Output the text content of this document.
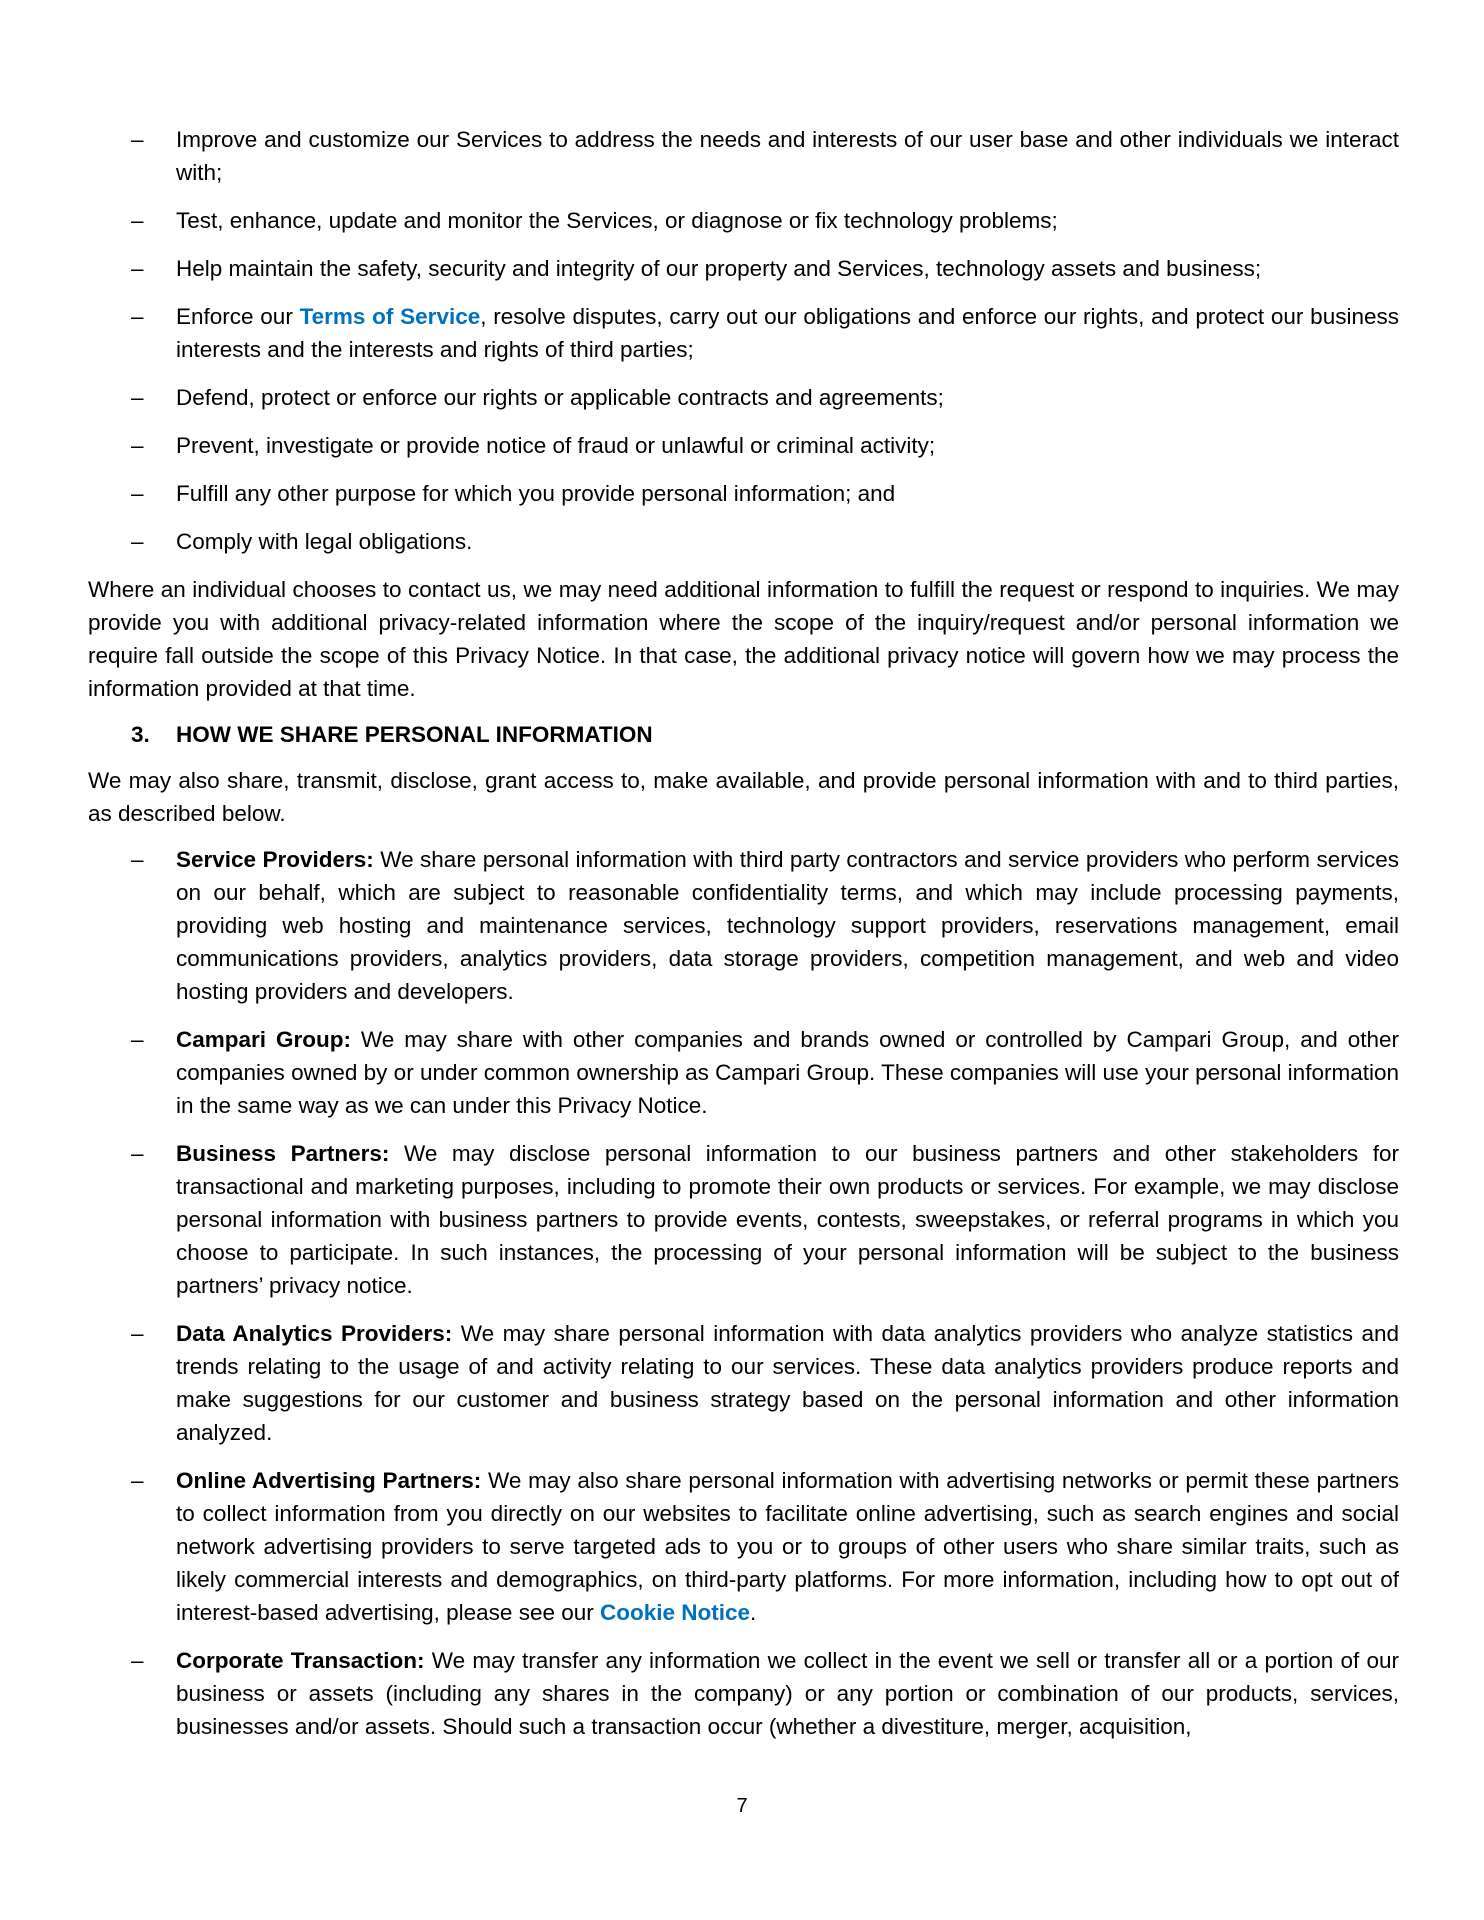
– Improve and customize our Services to address the needs and interests of our user base and other individuals we interact with;
– Test, enhance, update and monitor the Services, or diagnose or fix technology problems;
– Help maintain the safety, security and integrity of our property and Services, technology assets and business;
– Enforce our Terms of Service, resolve disputes, carry out our obligations and enforce our rights, and protect our business interests and the interests and rights of third parties;
– Defend, protect or enforce our rights or applicable contracts and agreements;
– Prevent, investigate or provide notice of fraud or unlawful or criminal activity;
– Fulfill any other purpose for which you provide personal information; and
– Comply with legal obligations.

Where an individual chooses to contact us, we may need additional information to fulfill the request or respond to inquiries. We may provide you with additional privacy-related information where the scope of the inquiry/request and/or personal information we require fall outside the scope of this Privacy Notice. In that case, the additional privacy notice will govern how we may process the information provided at that time.

3. HOW WE SHARE PERSONAL INFORMATION

We may also share, transmit, disclose, grant access to, make available, and provide personal information with and to third parties, as described below.

– Service Providers: We share personal information with third party contractors and service providers who perform services on our behalf, which are subject to reasonable confidentiality terms, and which may include processing payments, providing web hosting and maintenance services, technology support providers, reservations management, email communications providers, analytics providers, data storage providers, competition management, and web and video hosting providers and developers.
– Campari Group: We may share with other companies and brands owned or controlled by Campari Group, and other companies owned by or under common ownership as Campari Group. These companies will use your personal information in the same way as we can under this Privacy Notice.
– Business Partners: We may disclose personal information to our business partners and other stakeholders for transactional and marketing purposes, including to promote their own products or services. For example, we may disclose personal information with business partners to provide events, contests, sweepstakes, or referral programs in which you choose to participate. In such instances, the processing of your personal information will be subject to the business partners’ privacy notice.
– Data Analytics Providers: We may share personal information with data analytics providers who analyze statistics and trends relating to the usage of and activity relating to our services. These data analytics providers produce reports and make suggestions for our customer and business strategy based on the personal information and other information analyzed.
– Online Advertising Partners: We may also share personal information with advertising networks or permit these partners to collect information from you directly on our websites to facilitate online advertising, such as search engines and social network advertising providers to serve targeted ads to you or to groups of other users who share similar traits, such as likely commercial interests and demographics, on third-party platforms. For more information, including how to opt out of interest-based advertising, please see our Cookie Notice.
– Corporate Transaction: We may transfer any information we collect in the event we sell or transfer all or a portion of our business or assets (including any shares in the company) or any portion or combination of our products, services, businesses and/or assets. Should such a transaction occur (whether a divestiture, merger, acquisition,
7
